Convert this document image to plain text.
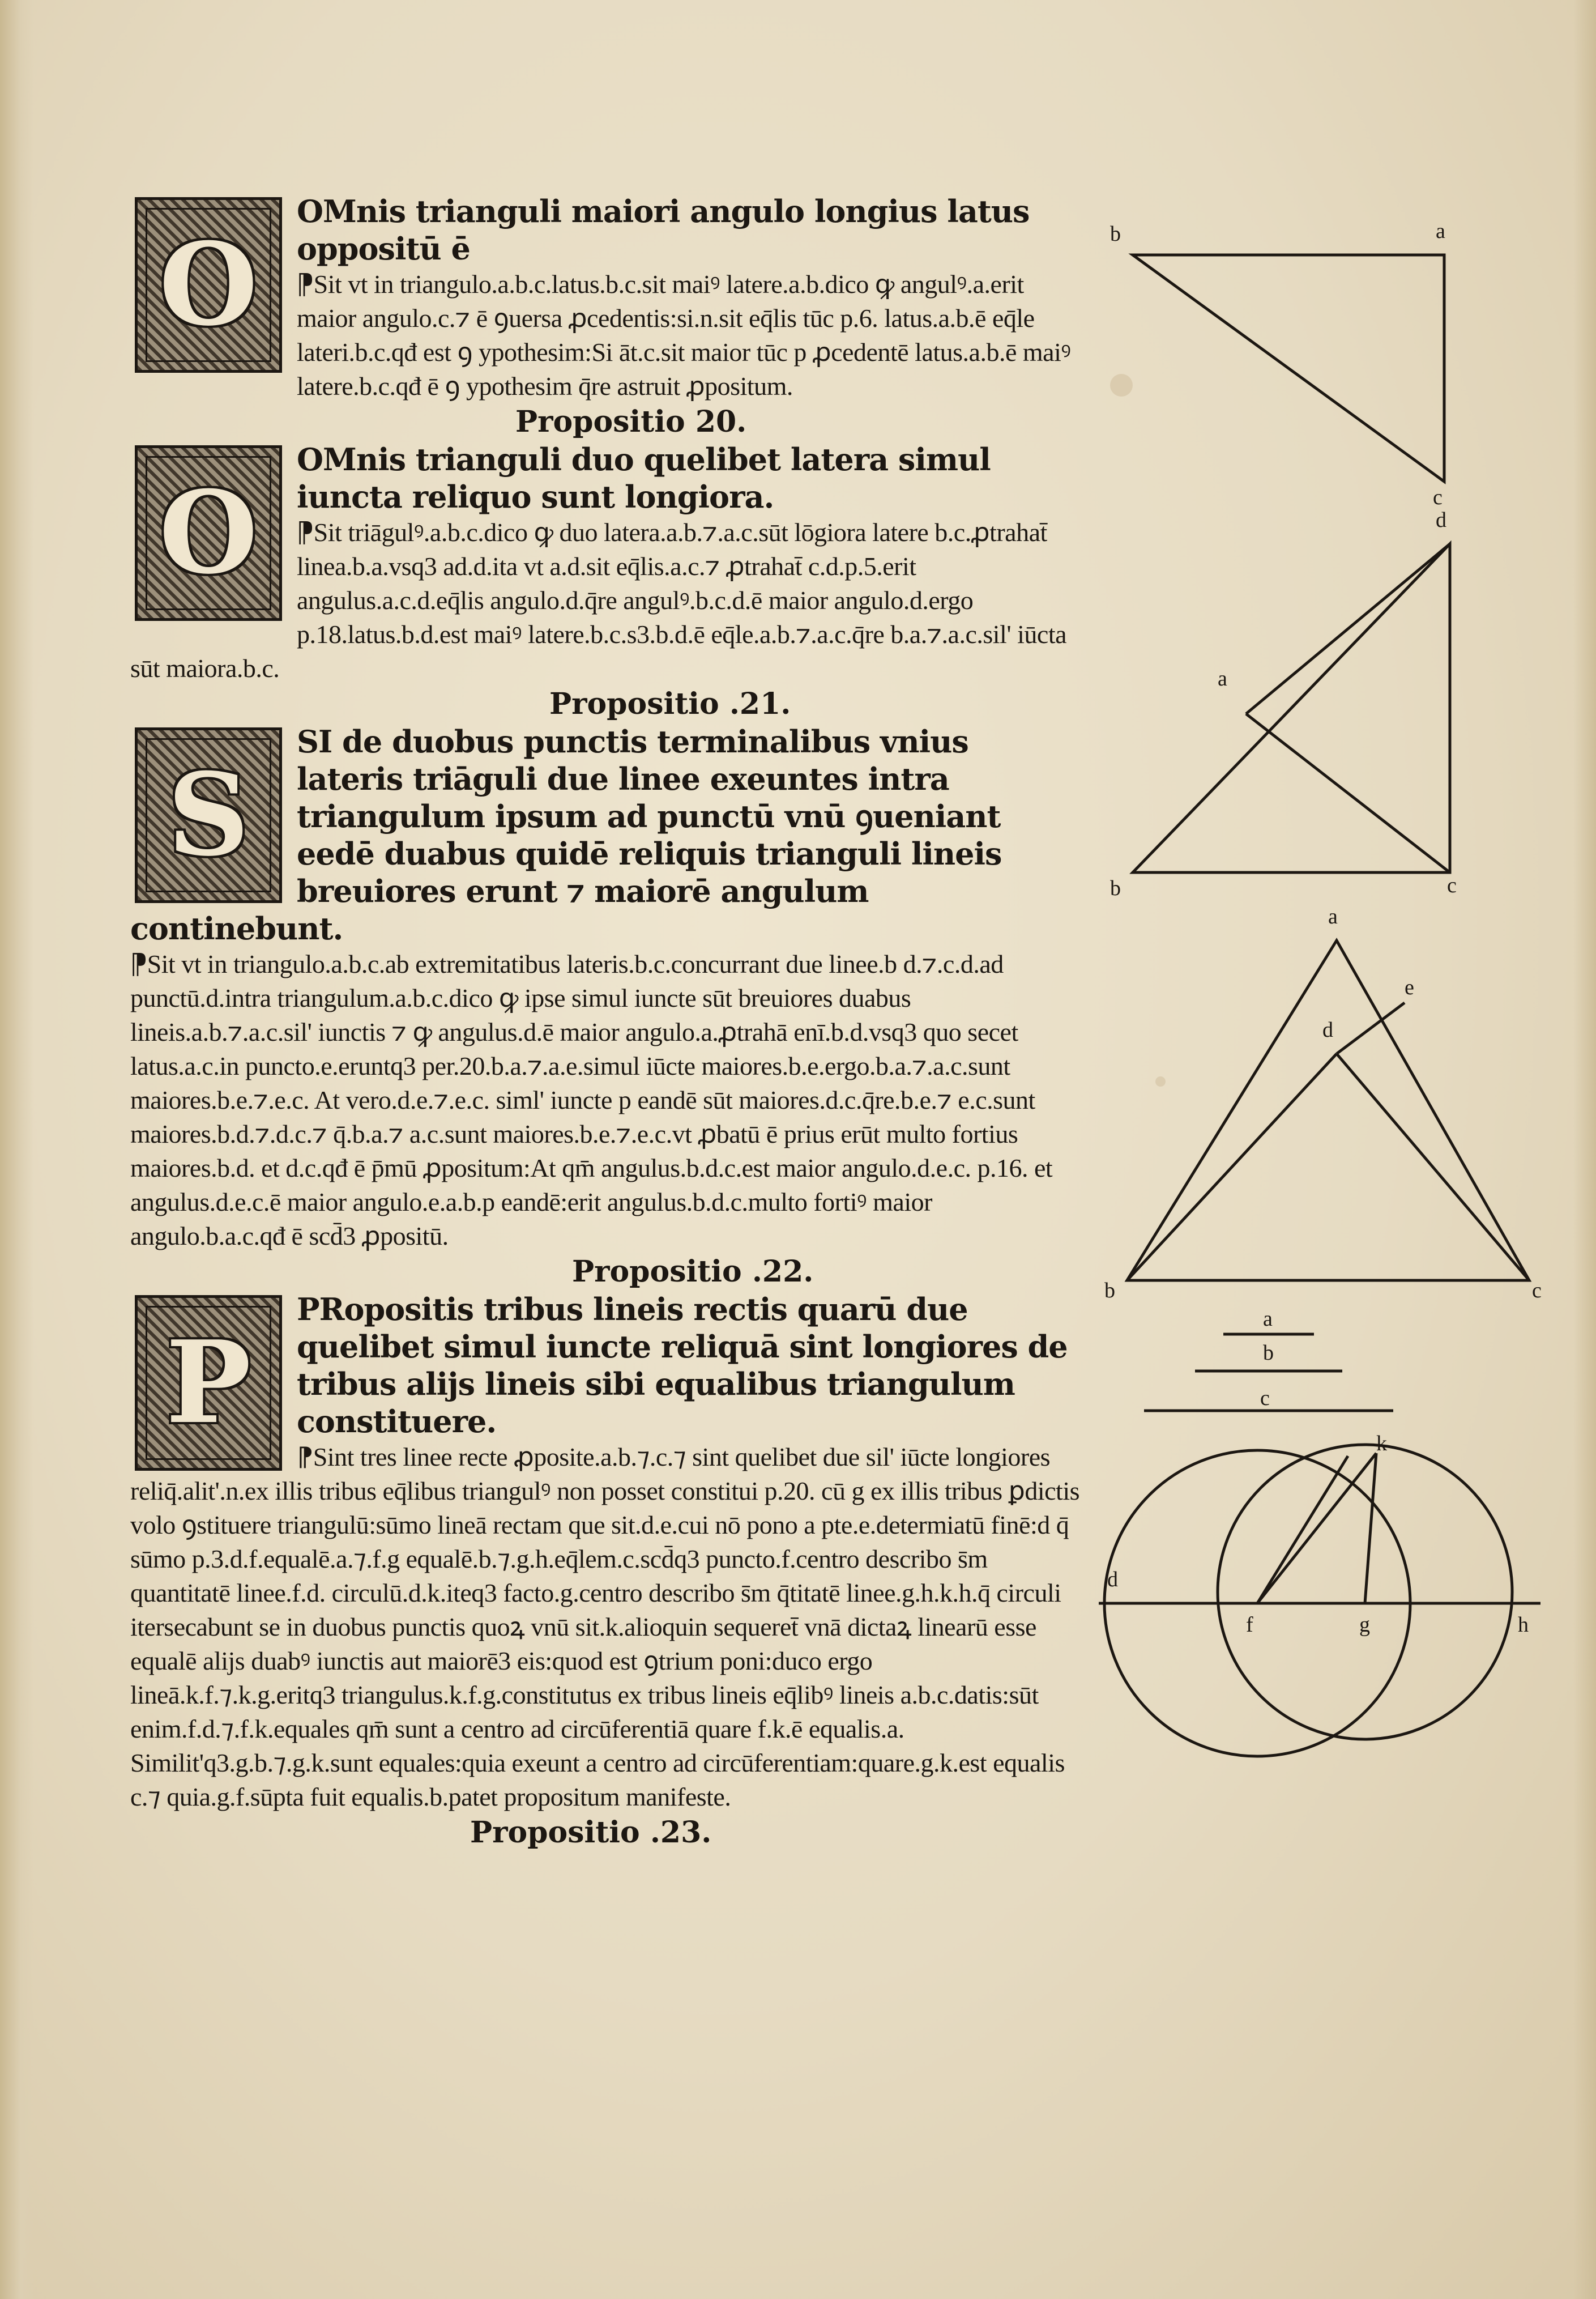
O
OMnis trianguli maiori angulo longius latus oppositū ē
⁋Sit vt in triangulo.a.b.c.latus.b.c.sit maiꝰ latere.a.b.dico ꝙ angulꝰ.a.erit maior angulo.c.⁊ ē ꝯuersa ꝓcedentis:si.n.sit eq̄lis tūc p.6. latus.a.b.ē eq̄le lateri.b.c.qđ est ꝯ ypothesim:Si āt.c.sit maior tūc p ꝓcedentē latus.a.b.ē maiꝰ latere.b.c.qđ ē ꝯ ypothesim q̄re astruit ꝓpositum.
Propositio 20.
O
OMnis trianguli duo quelibet latera simul iuncta reliquo sunt longiora.
⁋Sit triāgulꝰ.a.b.c.dico ꝙ duo latera.a.b.⁊.a.c.sūt lōgiora latere b.c.ꝓtrahat̄ linea.b.a.vsq3 ad.d.ita vt a.d.sit eq̄lis.a.c.⁊ ꝓtrahat̄ c.d.p.5.erit angulus.a.c.d.eq̄lis angulo.d.q̄re angulꝰ.b.c.d.ē maior angulo.d.ergo p.18.latus.b.d.est maiꝰ latere.b.c.s3.b.d.ē eq̄le.a.b.⁊.a.c.q̄re b.a.⁊.a.c.sil' iūcta sūt maiora.b.c.
Propositio .21.
S
SI de duobus punctis terminalibus vnius lateris triāguli due linee exeuntes intra triangulum ipsum ad punctū vnū ꝯueniant eedē duabus quidē reliquis trianguli lineis breuiores erunt ⁊ maiorē angulum continebunt.
⁋Sit vt in triangulo.a.b.c.ab extremitatibus lateris.b.c.concurrant due linee.b d.⁊.c.d.ad punctū.d.intra triangulum.a.b.c.dico ꝙ ipse simul iuncte sūt breuiores duabus lineis.a.b.⁊.a.c.sil' iunctis ⁊ ꝙ angulus.d.ē maior angulo.a.ꝓtrahā enī.b.d.vsq3 quo secet latus.a.c.in puncto.e.eruntq3 per.20.b.a.⁊.a.e.simul iūcte maiores.b.e.ergo.b.a.⁊.a.c.sunt maiores.b.e.⁊.e.c. At vero.d.e.⁊.e.c. siml' iuncte p eandē sūt maiores.d.c.q̄re.b.e.⁊ e.c.sunt maiores.b.d.⁊.d.c.⁊ q̄.b.a.⁊ a.c.sunt maiores.b.e.⁊.e.c.vt ꝓbatū ē prius erūt multo fortius maiores.b.d. et d.c.qđ ē p̄mū ꝓpositum:At qm̄ angulus.b.d.c.est maior angulo.d.e.c. p.16. et angulus.d.e.c.ē maior angulo.e.a.b.p eandē:erit angulus.b.d.c.multo fortiꝰ maior angulo.b.a.c.qđ ē scd̄3 ꝓpositū.
Propositio .22.
P
PRopositis tribus lineis rectis quarū due quelibet simul iuncte reliquā sint longiores de tribus alijs lineis sibi equalibus triangulum constituere.
⁋Sint tres linee recte ꝓposite.a.b.⁊.c.⁊ sint quelibet due sil' iūcte longiores reliq̄.alit'.n.ex illis tribus eq̄libus triangulꝰ non posset constitui p.20. cū g ex illis tribus ꝑdictis volo ꝯstituere triangulū:sūmo lineā rectam que sit.d.e.cui nō pono a pte.e.determiatū finē:d q̄ sūmo p.3.d.f.equalē.a.⁊.f.g equalē.b.⁊.g.h.eq̄lem.c.scd̄q3 puncto.f.centro describo s̄m quantitatē linee.f.d. circulū.d.k.iteq3 facto.g.centro describo s̄m q̄titatē linee.g.h.k.h.q̄ circuli itersecabunt se in duobus punctis quoꝝ vnū sit.k.alioquin sequeret̄ vnā dictaꝝ linearū esse equalē alijs duabꝰ iunctis aut maiorē3 eis:quod est ꝯtrium poni:duco ergo lineā.k.f.⁊.k.g.eritq3 triangulus.k.f.g.constitutus ex tribus lineis eq̄libꝰ lineis a.b.c.datis:sūt enim.f.d.⁊.f.k.equales qm̄ sunt a centro ad circūferentiā quare f.k.ē equalis.a. Similit'q3.g.b.⁊.g.k.sunt equales:quia exeunt a centro ad circūferentiam:quare.g.k.est equalis c.⁊ quia.g.f.sūpta fuit equalis.b.patet propositum manifeste.
Propositio .23.
b	a
c
d
a
b	c
a
d
e
b	c
a
b
c
k
d
f	g	h
